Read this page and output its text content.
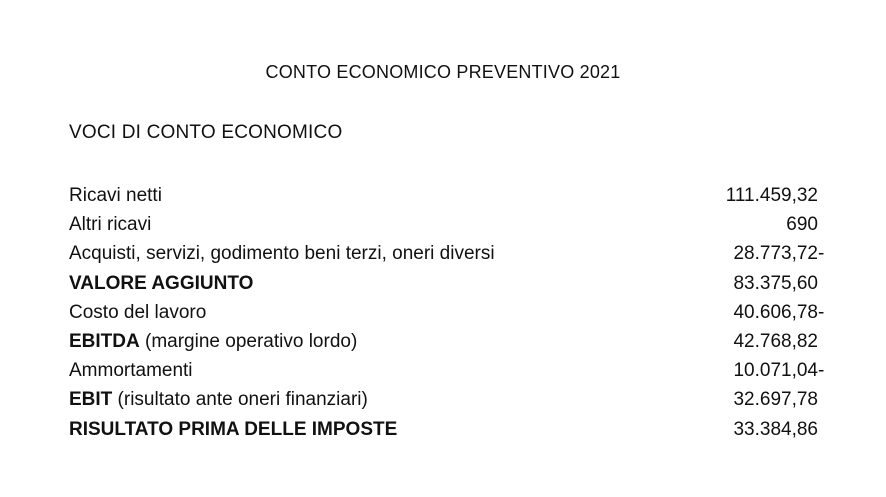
CONTO ECONOMICO PREVENTIVO 2021
VOCI DI CONTO ECONOMICO
Ricavi netti	111.459,32
Altri ricavi	690
Acquisti, servizi, godimento beni terzi, oneri diversi	28.773,72-
VALORE AGGIUNTO	83.375,60
Costo del lavoro	40.606,78-
EBITDA (margine operativo lordo)	42.768,82
Ammortamenti	10.071,04-
EBIT (risultato ante oneri finanziari)	32.697,78
RISULTATO PRIMA DELLE IMPOSTE	33.384,86
